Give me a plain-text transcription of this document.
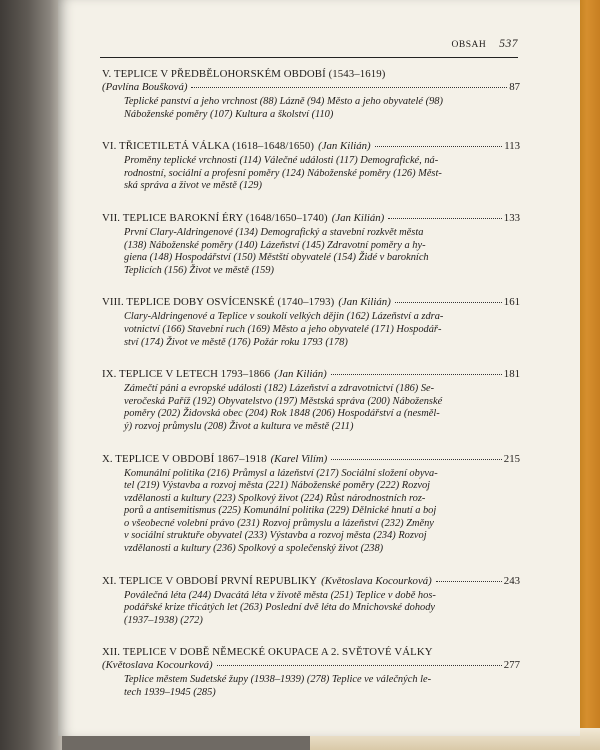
OBSAH 537
V. TEPLICE V PŘEDBĚLOHORSKÉM OBDOBÍ (1543–1619)
(Pavlína Boušková)	87
Teplické panství a jeho vrchnost (88) Lázně (94) Město a jeho obyvatelé (98)
Náboženské poměry (107) Kultura a školství (110)
VI. TŘICETILETÁ VÁLKA (1618–1648/1650) (Jan Kilián)	113
Proměny teplické vrchnosti (114) Válečné události (117) Demografické, ná-
rodnostní, sociální a profesní poměry (124) Náboženské poměry (126) Měst-
ská správa a život ve městě (129)
VII. TEPLICE BAROKNÍ ÉRY (1648/1650–1740) (Jan Kilián)	133
První Clary-Aldringenové (134) Demografický a stavební rozkvět města
(138) Náboženské poměry (140) Lázeňství (145) Zdravotní poměry a hy-
giena (148) Hospodářství (150) Městští obyvatelé (154) Židé v barokních
Teplicích (156) Život ve městě (159)
VIII. TEPLICE DOBY OSVÍCENSKÉ (1740–1793) (Jan Kilián)	161
Clary-Aldringenové a Teplice v soukolí velkých dějin (162) Lázeňství a zdra-
votnictví (166) Stavební ruch (169) Město a jeho obyvatelé (171) Hospodář-
ství (174) Život ve městě (176) Požár roku 1793 (178)
IX. TEPLICE V LETECH 1793–1866 (Jan Kilián)	181
Zámečtí páni a evropské události (182) Lázeňství a zdravotnictví (186) Se-
veročeská Paříž (192) Obyvatelstvo (197) Městská správa (200) Náboženské
poměry (202) Židovská obec (204) Rok 1848 (206) Hospodářství a (nesměl-
ý) rozvoj průmyslu (208) Život a kultura ve městě (211)
X. TEPLICE V OBDOBÍ 1867–1918 (Karel Vilím)	215
Komunální politika (216) Průmysl a lázeňství (217) Sociální složení obyva-
tel (219) Výstavba a rozvoj města (221) Náboženské poměry (222) Rozvoj
vzdělanosti a kultury (223) Spolkový život (224) Růst národnostních roz-
porů a antisemitismus (225) Komunální politika (229) Dělnické hnutí a boj
o všeobecné volební právo (231) Rozvoj průmyslu a lázeňství (232) Změny
v sociální struktuře obyvatel (233) Výstavba a rozvoj města (234) Rozvoj
vzdělanosti a kultury (236) Spolkový a společenský život (238)
XI. TEPLICE V OBDOBÍ PRVNÍ REPUBLIKY (Květoslava Kocourková)	243
Poválečná léta (244) Dvacátá léta v životě města (251) Teplice v době hos-
podářské krize třicátých let (263) Poslední dvě léta do Mnichovské dohody
(1937–1938) (272)
XII. TEPLICE V DOBĚ NĚMECKÉ OKUPACE A 2. SVĚTOVÉ VÁLKY
(Květoslava Kocourková)	277
Teplice městem Sudetské župy (1938–1939) (278) Teplice ve válečných le-
tech 1939–1945 (285)
